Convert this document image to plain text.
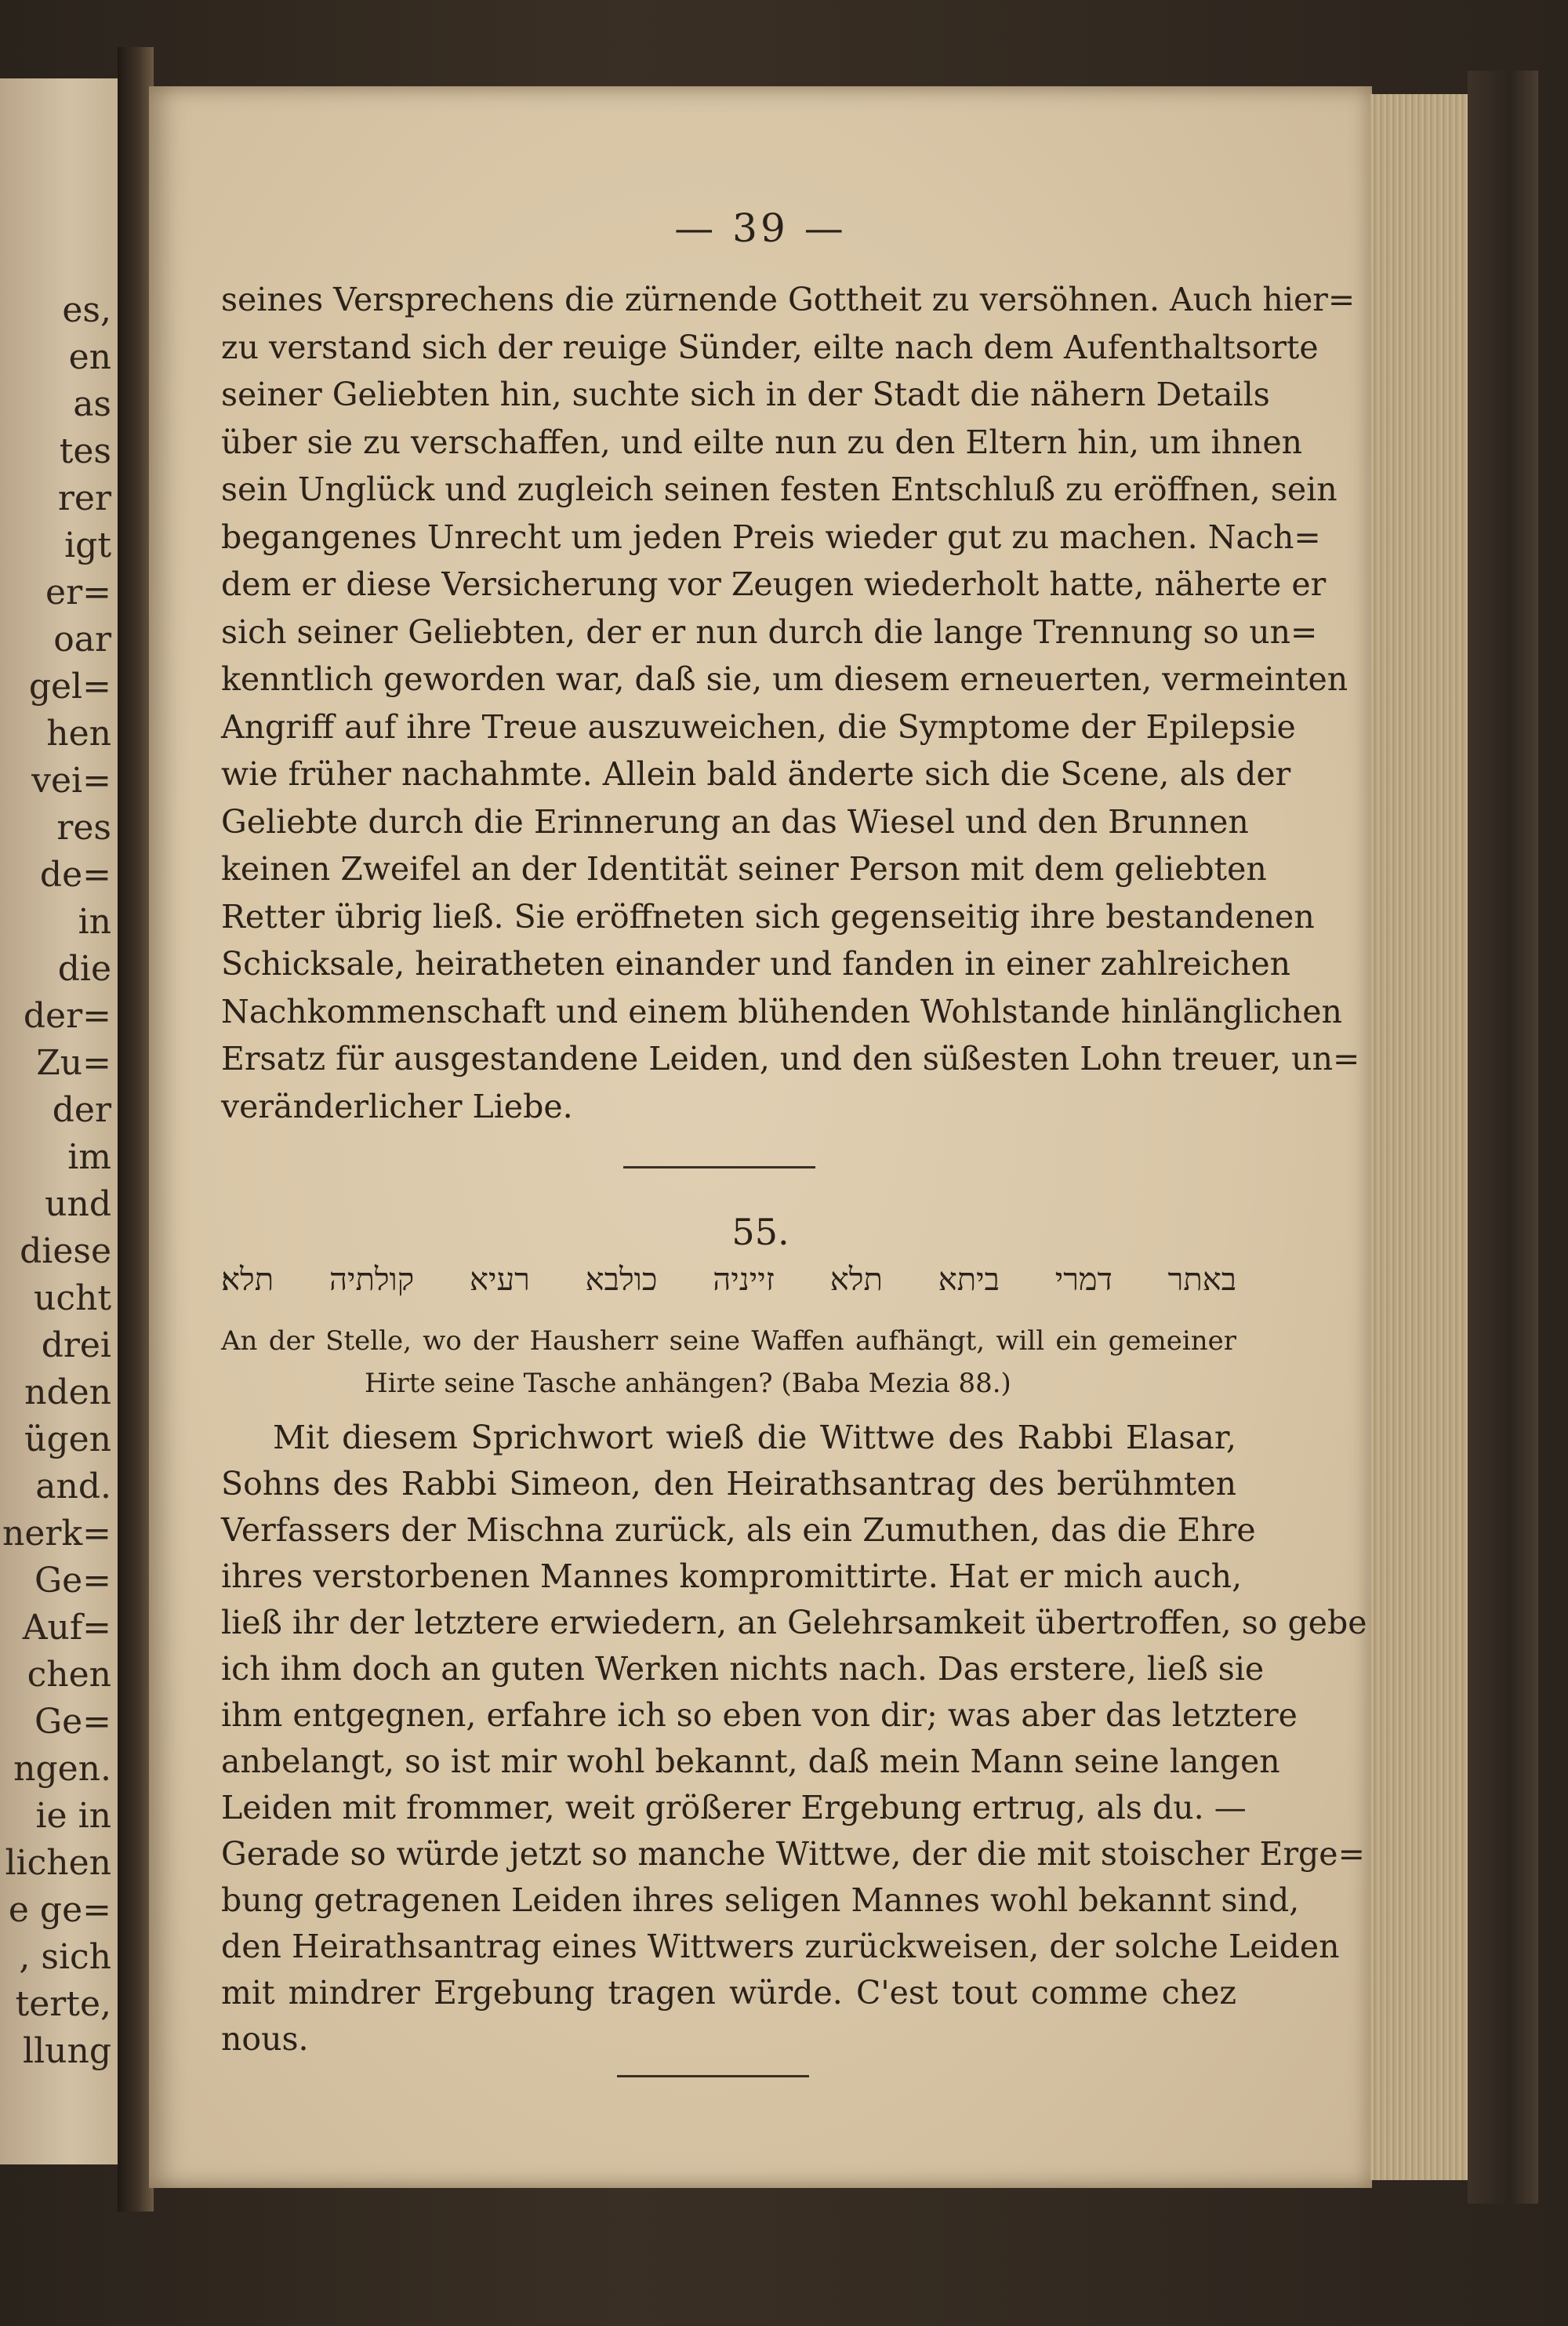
es,
en
as
tes
rer
igt
er=
oar
gel=
hen
vei=
res
de=
in
die
der=
Zu=
der
im
und
diese
ucht
drei
nden
ügen
and.
nerk=
Ge=
Auf=
chen
Ge=
ngen.
ie in
lichen
e ge=
, sich
terte,
llung
— 39 —
seines Versprechens die zürnende Gottheit zu versöhnen. Auch hier=
zu verstand sich der reuige Sünder, eilte nach dem Aufenthaltsorte
seiner Geliebten hin, suchte sich in der Stadt die nähern Details
über sie zu verschaffen, und eilte nun zu den Eltern hin, um ihnen
sein Unglück und zugleich seinen festen Entschluß zu eröffnen, sein
begangenes Unrecht um jeden Preis wieder gut zu machen. Nach=
dem er diese Versicherung vor Zeugen wiederholt hatte, näherte er
sich seiner Geliebten, der er nun durch die lange Trennung so un=
kenntlich geworden war, daß sie, um diesem erneuerten, vermeinten
Angriff auf ihre Treue auszuweichen, die Symptome der Epilepsie
wie früher nachahmte. Allein bald änderte sich die Scene, als der
Geliebte durch die Erinnerung an das Wiesel und den Brunnen
keinen Zweifel an der Identität seiner Person mit dem geliebten
Retter übrig ließ. Sie eröffneten sich gegenseitig ihre bestandenen
Schicksale, heiratheten einander und fanden in einer zahlreichen
Nachkommenschaft und einem blühenden Wohlstande hinlänglichen
Ersatz für ausgestandene Leiden, und den süßesten Lohn treuer, un=
veränderlicher Liebe.
55.
באתר דמרי ביתא תלא זייניה כולבא רעיא קולתיה תלא׃
An der Stelle, wo der Hausherr seine Waffen aufhängt, will ein gemeiner
Hirte seine Tasche anhängen? (Baba Mezia 88.)
Mit diesem Sprichwort wieß die Wittwe des Rabbi Elasar,
Sohns des Rabbi Simeon, den Heirathsantrag des berühmten
Verfassers der Mischna zurück, als ein Zumuthen, das die Ehre
ihres verstorbenen Mannes kompromittirte. Hat er mich auch,
ließ ihr der letztere erwiedern, an Gelehrsamkeit übertroffen, so gebe
ich ihm doch an guten Werken nichts nach. Das erstere, ließ sie
ihm entgegnen, erfahre ich so eben von dir; was aber das letztere
anbelangt, so ist mir wohl bekannt, daß mein Mann seine langen
Leiden mit frommer, weit größerer Ergebung ertrug, als du. —
Gerade so würde jetzt so manche Wittwe, der die mit stoischer Erge=
bung getragenen Leiden ihres seligen Mannes wohl bekannt sind,
den Heirathsantrag eines Wittwers zurückweisen, der solche Leiden
mit mindrer Ergebung tragen würde. C'est tout comme chez
nous.
